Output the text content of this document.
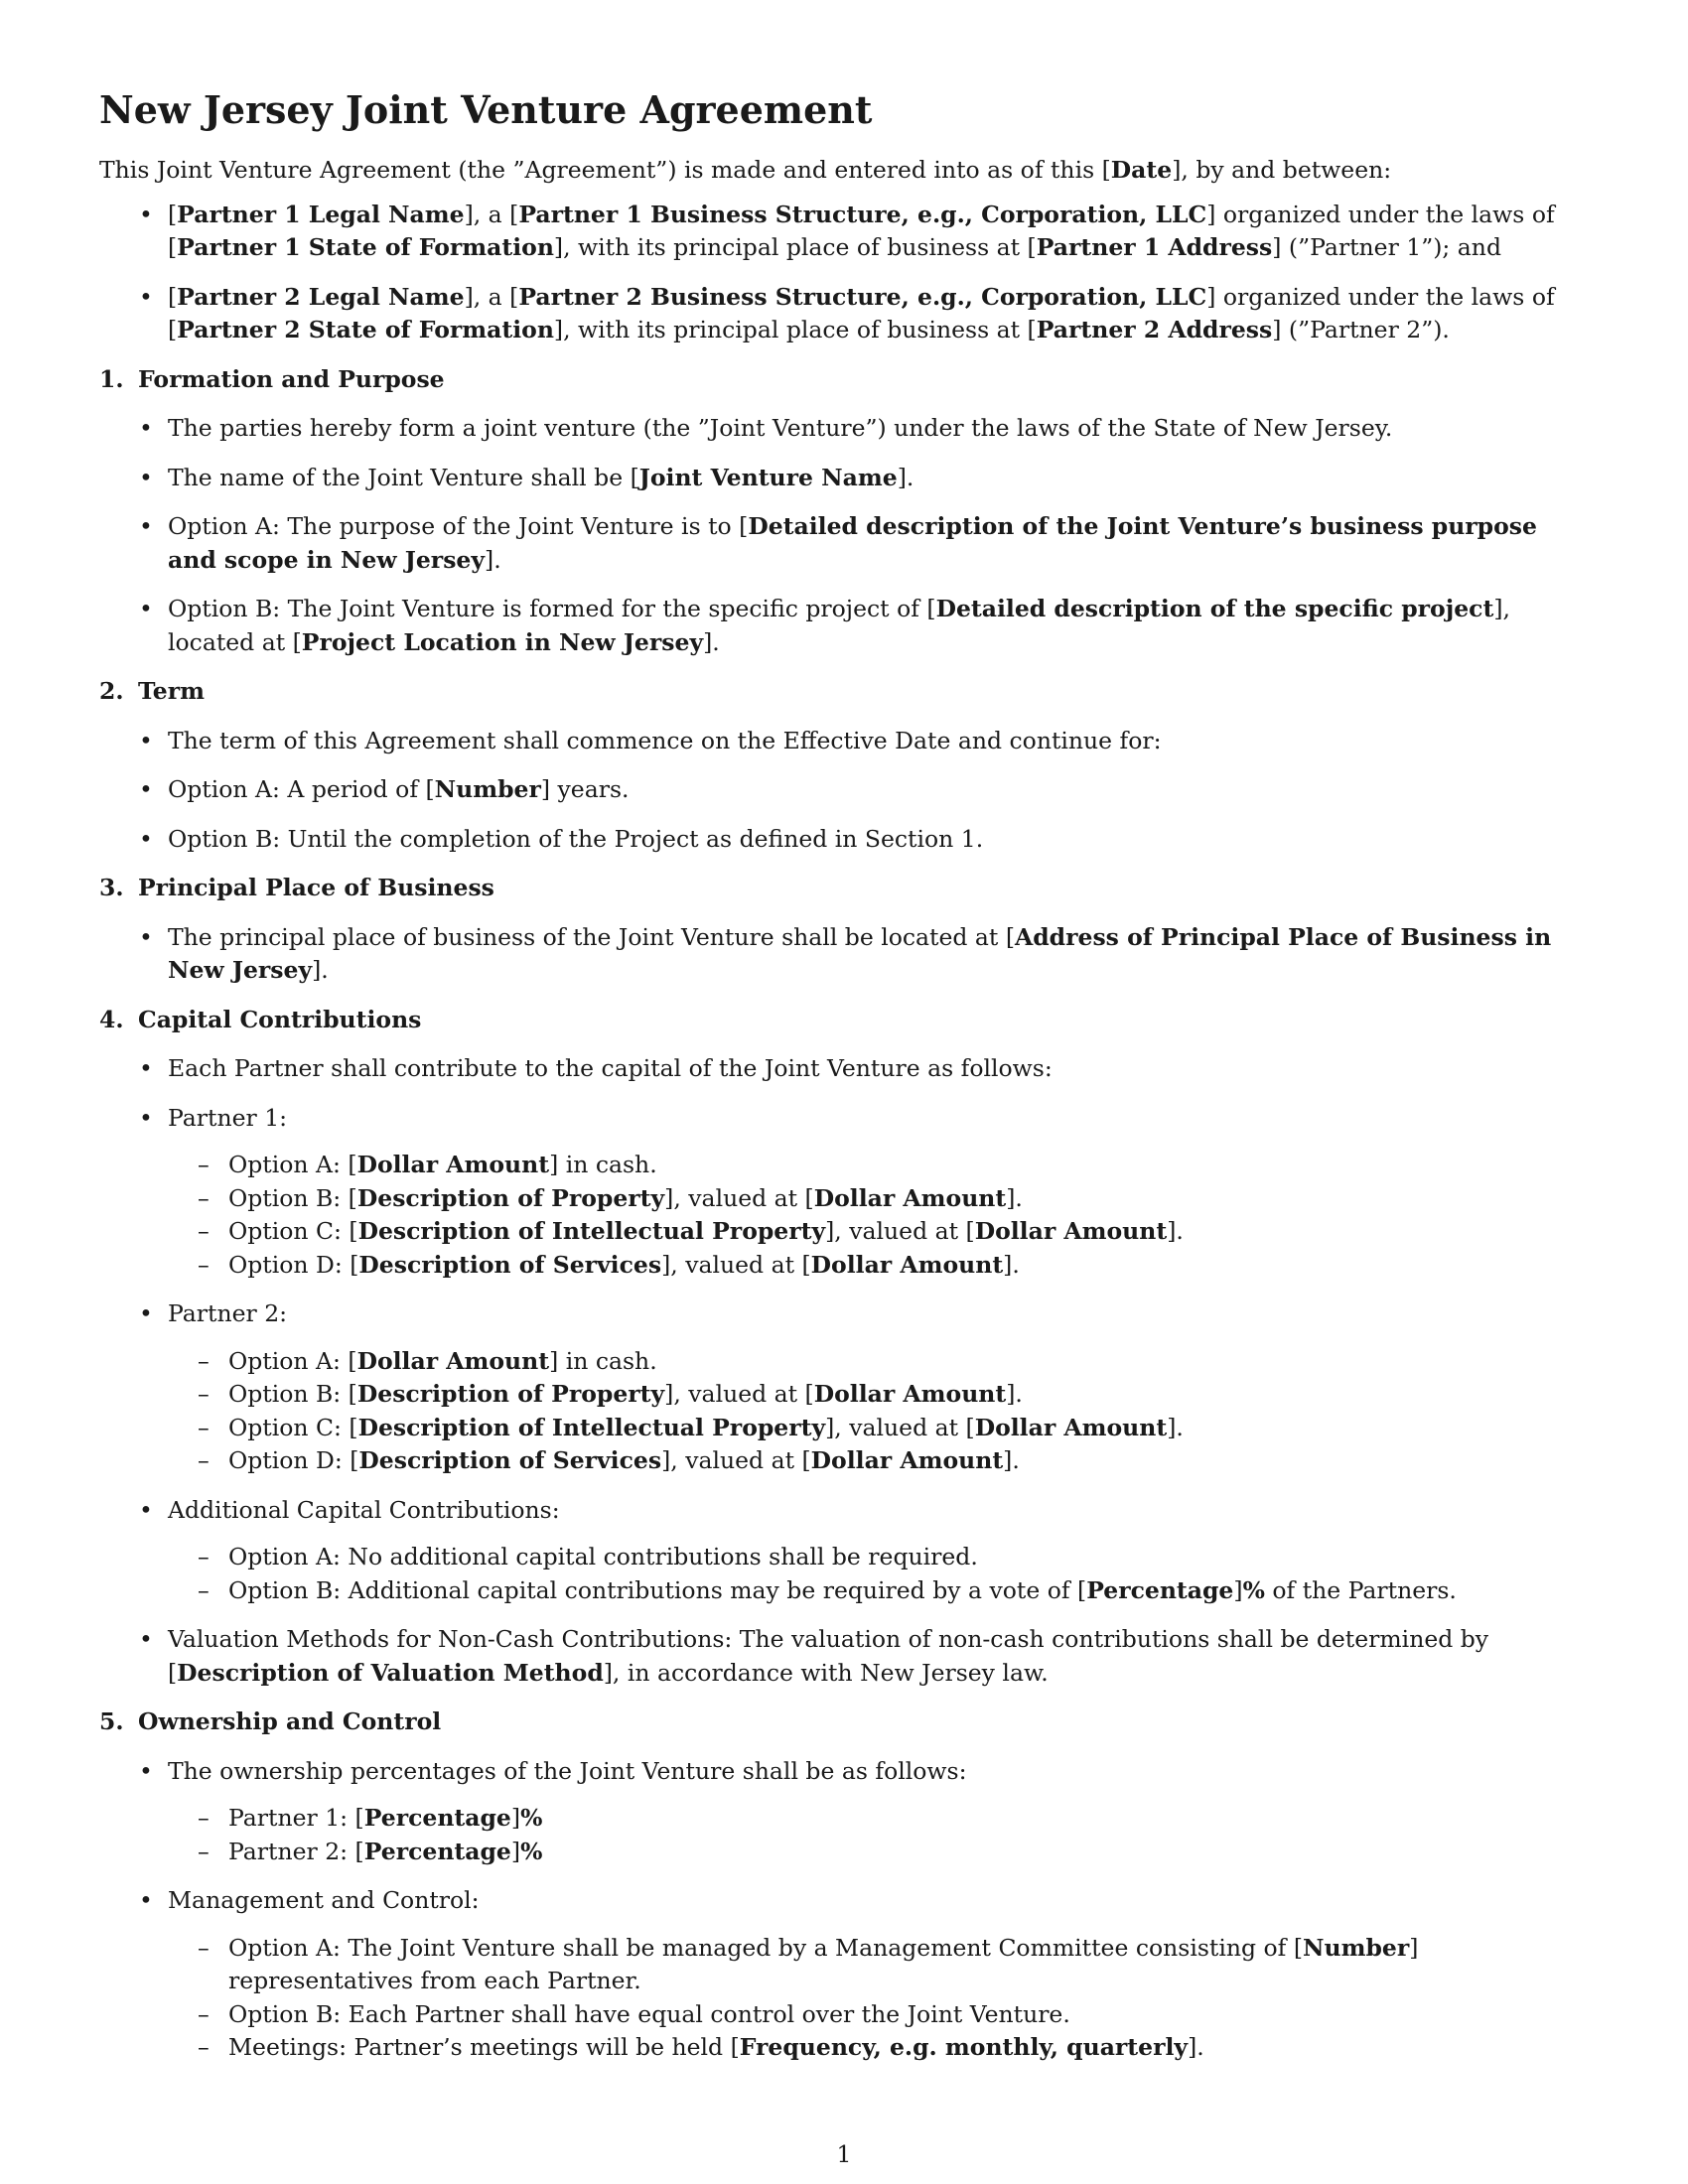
New Jersey Joint Venture Agreement

This Joint Venture Agreement (the ”Agreement”) is made and entered into as of this [Date], by and between:

• [Partner 1 Legal Name], a [Partner 1 Business Structure, e.g., Corporation, LLC] organized under the laws of [Partner 1 State of Formation], with its principal place of business at [Partner 1 Address] (”Partner 1”); and
• [Partner 2 Legal Name], a [Partner 2 Business Structure, e.g., Corporation, LLC] organized under the laws of [Partner 2 State of Formation], with its principal place of business at [Partner 2 Address] (”Partner 2”).
1. Formation and Purpose
• The parties hereby form a joint venture (the ”Joint Venture”) under the laws of the State of New Jersey.
• The name of the Joint Venture shall be [Joint Venture Name].
• Option A: The purpose of the Joint Venture is to [Detailed description of the Joint Venture’s business purpose and scope in New Jersey].
• Option B: The Joint Venture is formed for the specific project of [Detailed description of the specific project], located at [Project Location in New Jersey].
2. Term
• The term of this Agreement shall commence on the Effective Date and continue for:
• Option A: A period of [Number] years.
• Option B: Until the completion of the Project as defined in Section 1.
3. Principal Place of Business
• The principal place of business of the Joint Venture shall be located at [Address of Principal Place of Business in New Jersey].
4. Capital Contributions
• Each Partner shall contribute to the capital of the Joint Venture as follows:
• Partner 1:
– Option A: [Dollar Amount] in cash.
– Option B: [Description of Property], valued at [Dollar Amount].
– Option C: [Description of Intellectual Property], valued at [Dollar Amount].
– Option D: [Description of Services], valued at [Dollar Amount].
• Partner 2:
– Option A: [Dollar Amount] in cash.
– Option B: [Description of Property], valued at [Dollar Amount].
– Option C: [Description of Intellectual Property], valued at [Dollar Amount].
– Option D: [Description of Services], valued at [Dollar Amount].
• Additional Capital Contributions:
– Option A: No additional capital contributions shall be required.
– Option B: Additional capital contributions may be required by a vote of [Percentage]% of the Partners.
• Valuation Methods for Non-Cash Contributions: The valuation of non-cash contributions shall be determined by [Description of Valuation Method], in accordance with New Jersey law.
5. Ownership and Control
• The ownership percentages of the Joint Venture shall be as follows:
– Partner 1: [Percentage]%
– Partner 2: [Percentage]%
• Management and Control:
– Option A: The Joint Venture shall be managed by a Management Committee consisting of [Number] representatives from each Partner.
– Option B: Each Partner shall have equal control over the Joint Venture.
– Meetings: Partner’s meetings will be held [Frequency, e.g. monthly, quarterly].
1
